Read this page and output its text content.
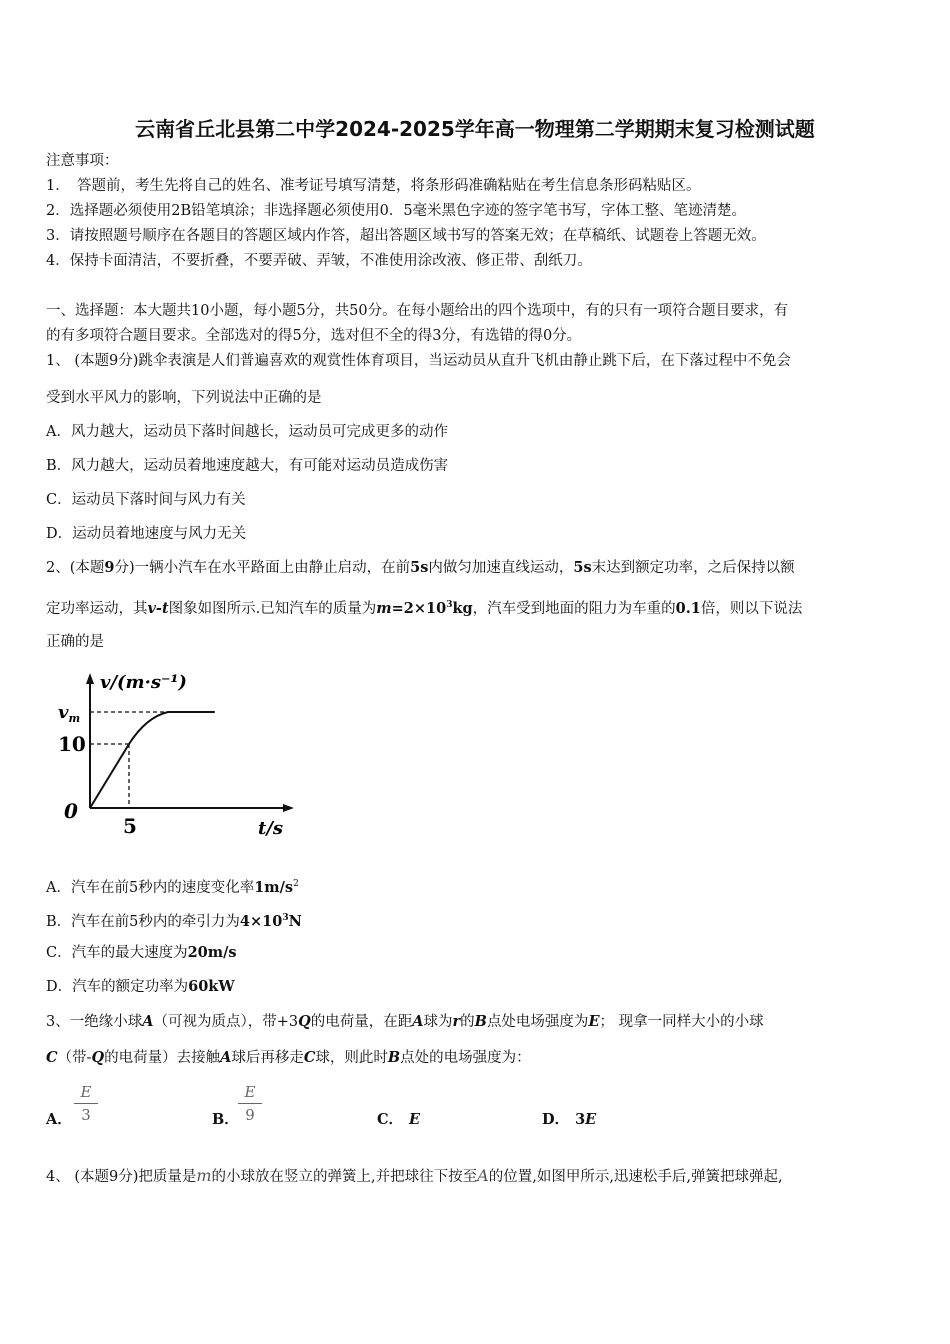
云南省丘北县第二中学2024-2025学年高一物理第二学期期末复习检测试题
注意事项：
1．　答题前，考生先将自己的姓名、准考证号填写清楚，将条形码准确粘贴在考生信息条形码粘贴区。
2．选择题必须使用2B铅笔填涂；非选择题必须使用0．5毫米黑色字迹的签字笔书写，字体工整、笔迹清楚。
3．请按照题号顺序在各题目的答题区域内作答，超出答题区域书写的答案无效；在草稿纸、试题卷上答题无效。
4．保持卡面清洁，不要折叠，不要弄破、弄皱，不准使用涂改液、修正带、刮纸刀。
一、选择题：本大题共10小题，每小题5分，共50分。在每小题给出的四个选项中，有的只有一项符合题目要求，有
的有多项符合题目要求。全部选对的得5分，选对但不全的得3分，有选错的得0分。
1、 (本题9分)跳伞表演是人们普遍喜欢的观赏性体育项目，当运动员从直升飞机由静止跳下后，在下落过程中不免会
受到水平风力的影响，下列说法中正确的是
A．风力越大，运动员下落时间越长，运动员可完成更多的动作
B．风力越大，运动员着地速度越大，有可能对运动员造成伤害
C．运动员下落时间与风力有关
D．运动员着地速度与风力无关
2、(本题9分)一辆小汽车在水平路面上由静止启动，在前5s内做匀加速直线运动，5s末达到额定功率，之后保持以额
定功率运动，其v-t图象如图所示.已知汽车的质量为$m=2\times 10^3kg$，汽车受到地面的阻力为车重的0.1倍，则以下说法
正确的是
v/(m·s⁻¹)
t/s
0
5
10
$v_m$
A．汽车在前5秒内的速度变化率$1m/s^2$
B．汽车在前5秒内的牵引力为$4\times 10^3N$
C．汽车的最大速度为20m/s
D．汽车的额定功率为60kW
3、一绝缘小球A（可视为质点），带+3Q的电荷量，在距A球为r的B点处电场强度为E； 现拿一同样大小的小球
C（带-Q的电荷量）去接触A球后再移走C球，则此时B点处的电场强度为：
A．
E
3	B．
E
9	C． E	D． 3E
4、 (本题9分)把质量是m的小球放在竖立的弹簧上,并把球往下按至A的位置,如图甲所示,迅速松手后,弹簧把球弹起,
